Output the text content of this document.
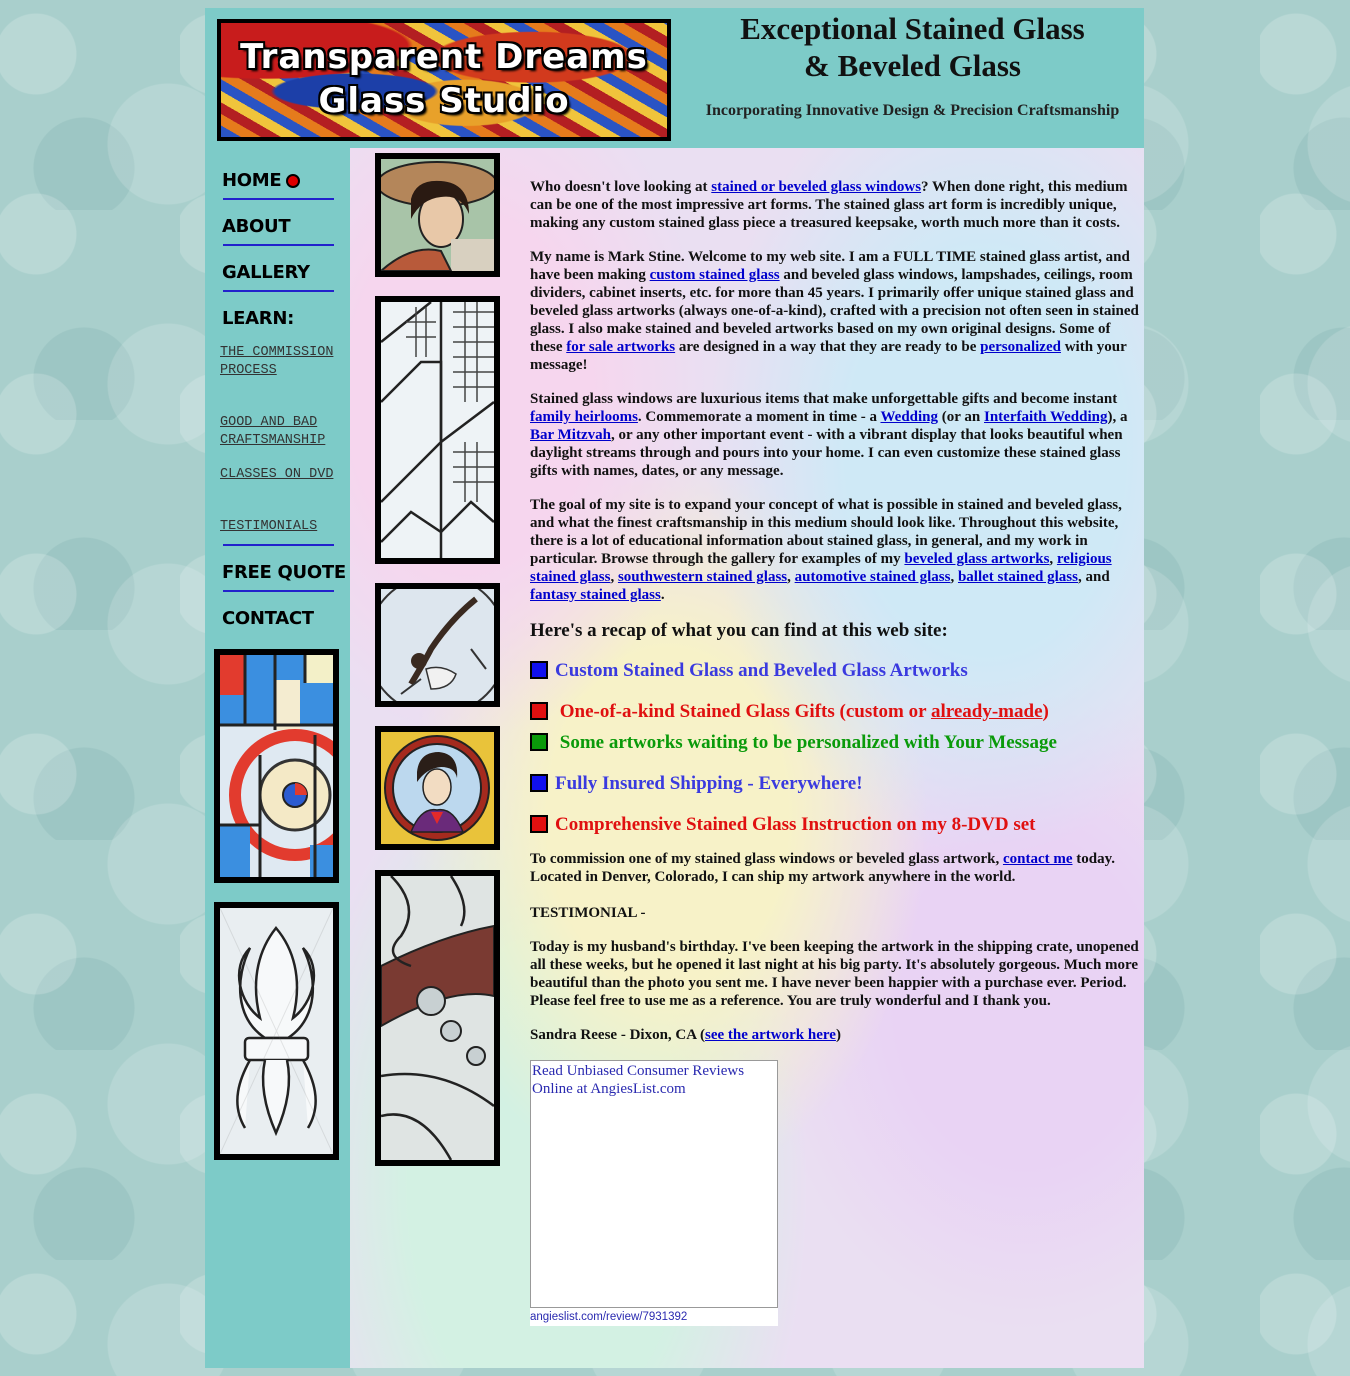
Transparent Dreams
Glass Studio
Exceptional Stained Glass
& Beveled Glass
Incorporating Innovative Design & Precision Craftsmanship
HOME
ABOUT
GALLERY
LEARN:
THE COMMISSION PROCESS
GOOD AND BAD CRAFTSMANSHIP
CLASSES ON DVD
TESTIMONIALS
FREE QUOTE
CONTACT

Who doesn't love looking at stained or beveled glass windows? When done right, this medium can be one of the most impressive art forms. The stained glass art form is incredibly unique, making any custom stained glass piece a treasured keepsake, worth much more than it costs.

My name is Mark Stine. Welcome to my web site. I am a FULL TIME stained glass artist, and have been making custom stained glass and beveled glass windows, lampshades, ceilings, room dividers, cabinet inserts, etc. for more than 45 years. I primarily offer unique stained glass and beveled glass artworks (always one-of-a-kind), crafted with a precision not often seen in stained glass. I also make stained and beveled artworks based on my own original designs. Some of these for sale artworks are designed in a way that they are ready to be personalized with your message!

Stained glass windows are luxurious items that make unforgettable gifts and become instant family heirlooms. Commemorate a moment in time - a Wedding (or an Interfaith Wedding), a Bar Mitzvah, or any other important event - with a vibrant display that looks beautiful when daylight streams through and pours into your home. I can even customize these stained glass gifts with names, dates, or any message.

The goal of my site is to expand your concept of what is possible in stained and beveled glass, and what the finest craftsmanship in this medium should look like. Throughout this website, there is a lot of educational information about stained glass, in general, and my work in particular. Browse through the gallery for examples of my beveled glass artworks, religious stained glass, southwestern stained glass, automotive stained glass, ballet stained glass, and fantasy stained glass.

Here's a recap of what you can find at this web site:
Custom Stained Glass and Beveled Glass Artworks
One-of-a-kind Stained Glass Gifts (custom or already-made)
Some artworks waiting to be personalized with Your Message
Fully Insured Shipping - Everywhere!
Comprehensive Stained Glass Instruction on my 8-DVD set

To commission one of my stained glass windows or beveled glass artwork, contact me today. Located in Denver, Colorado, I can ship my artwork anywhere in the world.

TESTIMONIAL -

Today is my husband's birthday. I've been keeping the artwork in the shipping crate, unopened all these weeks, but he opened it last night at his big party. It's absolutely gorgeous. Much more beautiful than the photo you sent me. I have never been happier with a purchase ever. Period. Please feel free to use me as a reference. You are truly wonderful and I thank you.

Sandra Reese - Dixon, CA (see the artwork here)

Read Unbiased Consumer Reviews Online at AngiesList.com
angieslist.com/review/7931392
